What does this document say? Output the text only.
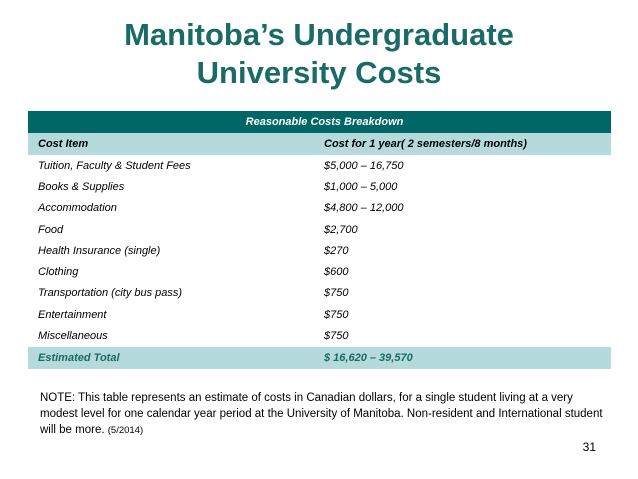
Manitoba’s Undergraduate
University Costs
Reasonable Costs Breakdown	
Cost Item	Cost for 1 year( 2 semesters/8 months)
Tuition, Faculty & Student Fees	$5,000 – 16,750
Books & Supplies	$1,000 – 5,000
Accommodation	$4,800 – 12,000
Food	$2,700
Health Insurance (single)	$270
Clothing	$600
Transportation (city bus pass)	$750
Entertainment	$750
Miscellaneous	$750
Estimated Total	$ 16,620 – 39,570
NOTE: This table represents an estimate of costs in Canadian dollars, for a single student living at a very modest level for one calendar year period at the University of Manitoba. Non-resident and International student will be more. (5/2014)
31
